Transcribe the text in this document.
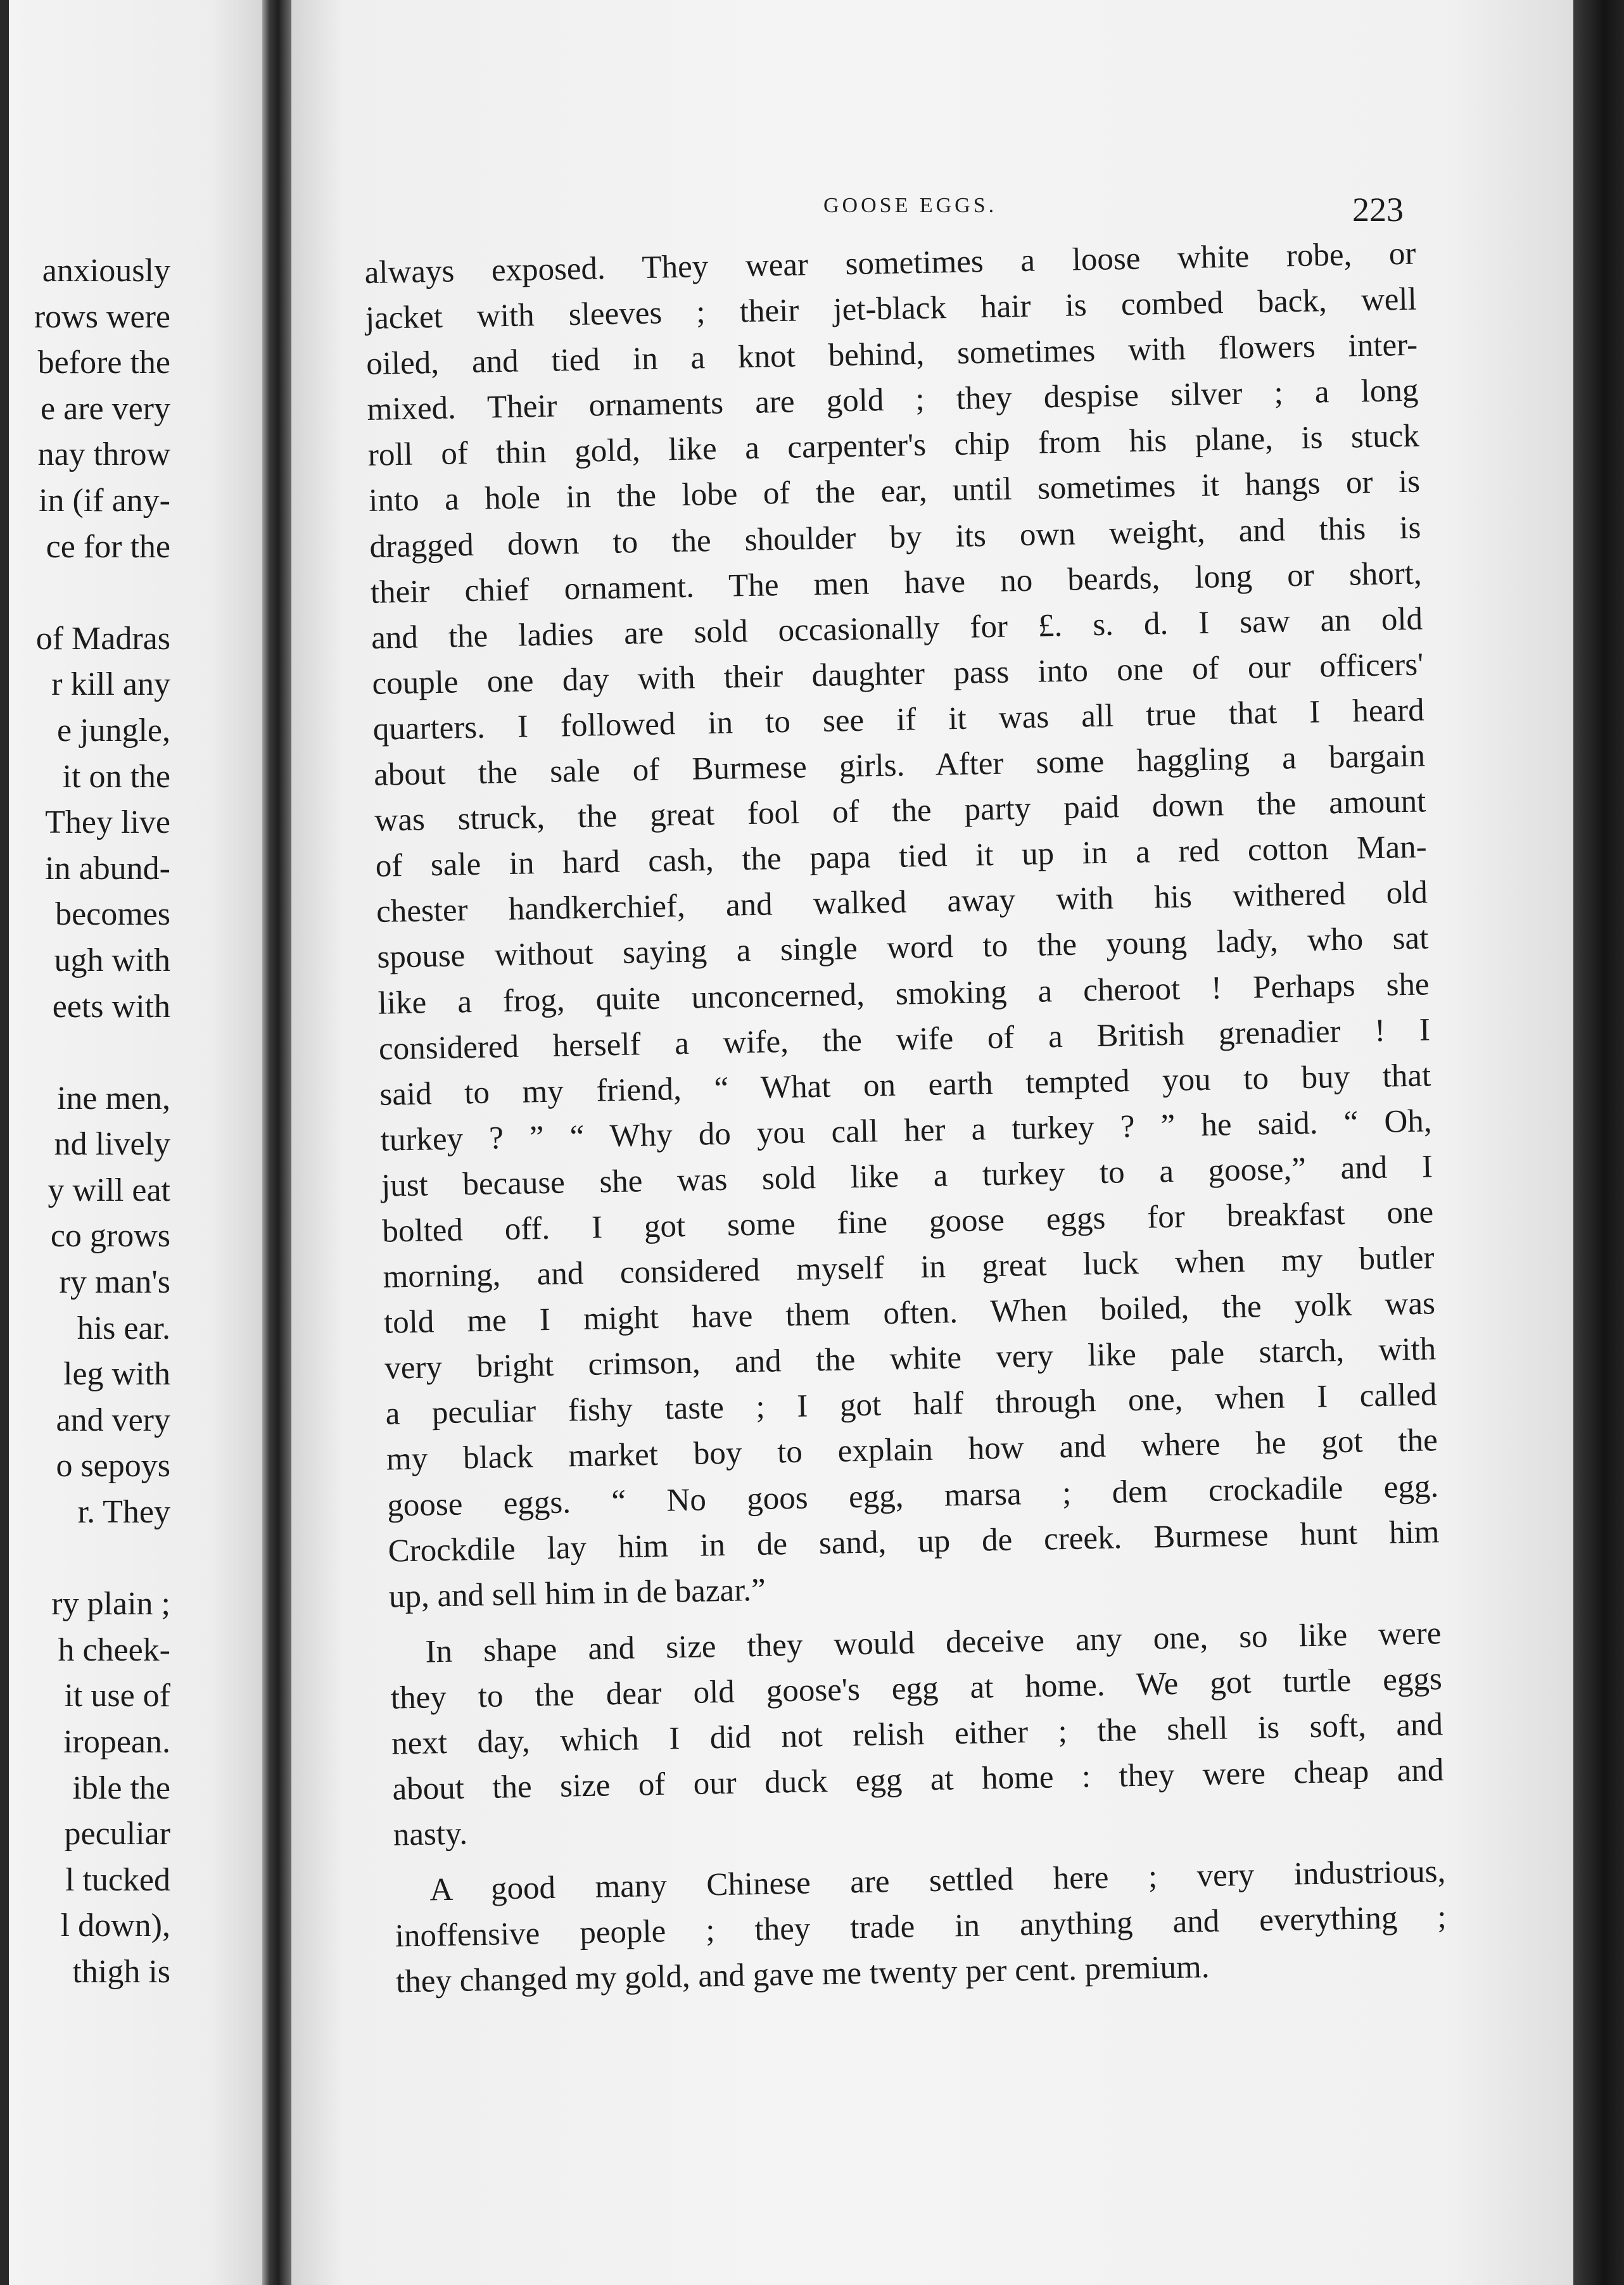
anxiously
rows were
before the
e are very
nay throw
in (if any-
ce for the
of Madras
r kill any
e jungle,
it on the
They live
in abund-
becomes
ugh with
eets with
ine men,
nd lively
y will eat
co grows
ry man's
his ear.
leg with
and very
o sepoys
r. They
ry plain ;
h cheek-
it use of
iropean.
ible the
peculiar
l tucked
l down),
thigh is
GOOSE EGGS.	223
always exposed. They wear sometimes a loose white robe, or
jacket with sleeves ; their jet-black hair is combed back, well
oiled, and tied in a knot behind, sometimes with flowers inter-
mixed. Their ornaments are gold ; they despise silver ; a long
roll of thin gold, like a carpenter's chip from his plane, is stuck
into a hole in the lobe of the ear, until sometimes it hangs or is
dragged down to the shoulder by its own weight, and this is
their chief ornament. The men have no beards, long or short,
and the ladies are sold occasionally for £. s. d. I saw an old
couple one day with their daughter pass into one of our officers'
quarters. I followed in to see if it was all true that I heard
about the sale of Burmese girls. After some haggling a bargain
was struck, the great fool of the party paid down the amount
of sale in hard cash, the papa tied it up in a red cotton Man-
chester handkerchief, and walked away with his withered old
spouse without saying a single word to the young lady, who sat
like a frog, quite unconcerned, smoking a cheroot ! Perhaps she
considered herself a wife, the wife of a British grenadier ! I
said to my friend, “ What on earth tempted you to buy that
turkey ? ” “ Why do you call her a turkey ? ” he said. “ Oh,
just because she was sold like a turkey to a goose,” and I
bolted off. I got some fine goose eggs for breakfast one
morning, and considered myself in great luck when my butler
told me I might have them often. When boiled, the yolk was
very bright crimson, and the white very like pale starch, with
a peculiar fishy taste ; I got half through one, when I called
my black market boy to explain how and where he got the
goose eggs. “ No goos egg, marsa ; dem crockadile egg.
Crockdile lay him in de sand, up de creek. Burmese hunt him
up, and sell him in de bazar.”
In shape and size they would deceive any one, so like were
they to the dear old goose's egg at home. We got turtle eggs
next day, which I did not relish either ; the shell is soft, and
about the size of our duck egg at home : they were cheap and
nasty.
A good many Chinese are settled here ; very industrious,
inoffensive people ; they trade in anything and everything ;
they changed my gold, and gave me twenty per cent. premium.
